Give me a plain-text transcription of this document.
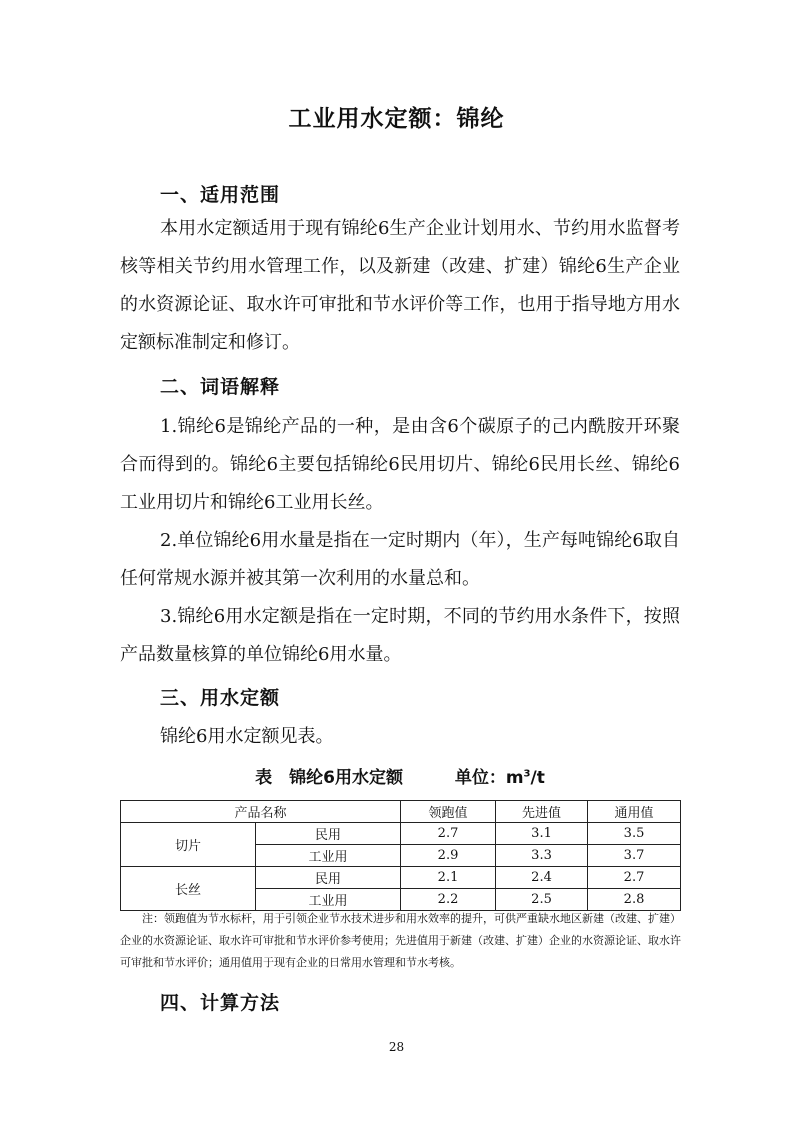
工业用水定额：锦纶
一、适用范围

本用水定额适用于现有锦纶6生产企业计划用水、节约用水监督考核等相关节约用水管理工作，以及新建（改建、扩建）锦纶6生产企业的水资源论证、取水许可审批和节水评价等工作，也用于指导地方用水定额标准制定和修订。

二、词语解释

1.锦纶6是锦纶产品的一种，是由含6个碳原子的己内酰胺开环聚合而得到的。锦纶6主要包括锦纶6民用切片、锦纶6民用长丝、锦纶6工业用切片和锦纶6工业用长丝。

2.单位锦纶6用水量是指在一定时期内（年），生产每吨锦纶6取自任何常规水源并被其第一次利用的水量总和。

3.锦纶6用水定额是指在一定时期，不同的节约用水条件下，按照产品数量核算的单位锦纶6用水量。

三、用水定额

锦纶6用水定额见表。

表　锦纶6用水定额	单位：$m^3/t$
产品名称		领跑值	先进值	通用值
切片	民用	2.7	3.1	3.5
	工业用	2.9	3.3	3.7
长丝	民用	2.1	2.4	2.7
	工业用	2.2	2.5	2.8

注：领跑值为节水标杆，用于引领企业节水技术进步和用水效率的提升，可供严重缺水地区新建（改建、扩建）企业的水资源论证、取水许可审批和节水评价参考使用；先进值用于新建（改建、扩建）企业的水资源论证、取水许可审批和节水评价；通用值用于现有企业的日常用水管理和节水考核。

四、计算方法
28
